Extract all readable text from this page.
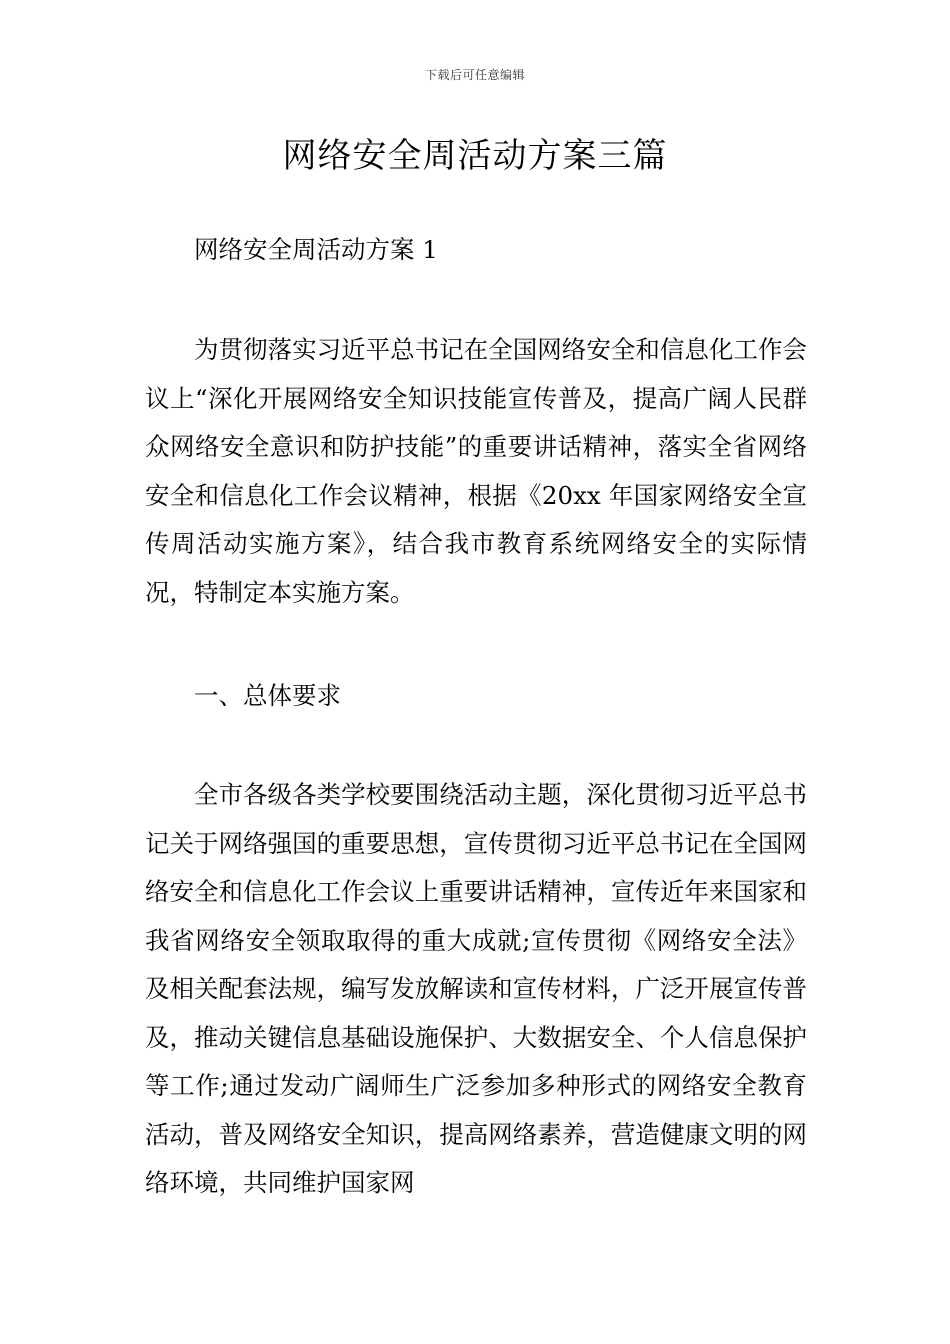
下载后可任意编辑
网络安全周活动方案三篇

网络安全周活动方案 1

为贯彻落实习近平总书记在全国网络安全和信息化工作会议上“深化开展网络安全知识技能宣传普及，提高广阔人民群众网络安全意识和防护技能”的重要讲话精神，落实全省网络安全和信息化工作会议精神，根据《20xx 年国家网络安全宣传周活动实施方案》，结合我市教育系统网络安全的实际情况，特制定本实施方案。

一、总体要求

全市各级各类学校要围绕活动主题，深化贯彻习近平总书记关于网络强国的重要思想，宣传贯彻习近平总书记在全国网络安全和信息化工作会议上重要讲话精神，宣传近年来国家和我省网络安全领取取得的重大成就;宣传贯彻《网络安全法》及相关配套法规，编写发放解读和宣传材料，广泛开展宣传普及，推动关键信息基础设施保护、大数据安全、个人信息保护等工作;通过发动广阔师生广泛参加多种形式的网络安全教育活动，普及网络安全知识，提高网络素养，营造健康文明的网络环境，共同维护国家网
